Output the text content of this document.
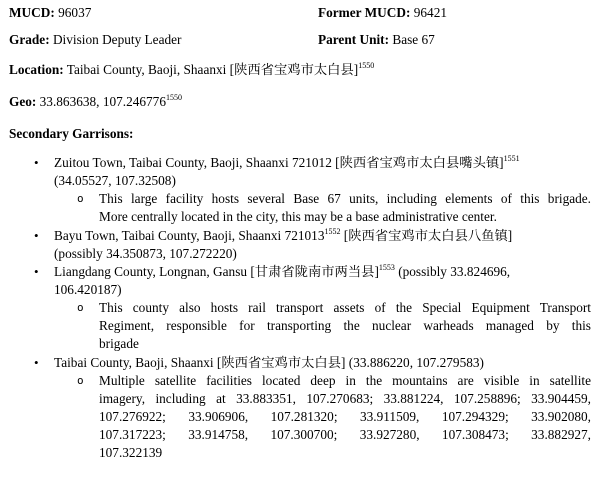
MUCD: 96037	Former MUCD: 96421
Grade: Division Deputy Leader	Parent Unit: Base 67
Location: Taibai County, Baoji, Shaanxi [陕西省宝鸡市太白县]$^{1550}$
Geo: 33.863638, $107.246776^{1550}$
Secondary Garrisons:
• Zuitou Town, Taibai County, Baoji, Shaanxi 721012 [陕西省宝鸡市太白县嘴头镇]$^{1551}$
(34.05527, 107.32508)
o This large facility hosts several Base 67 units, including elements of this brigade.
More centrally located in the city, this may be a base administrative center.
• Bayu Town, Taibai County, Baoji, Shaanxi $721013^{1552}$ [陕西省宝鸡市太白县八鱼镇]
(possibly 34.350873, 107.272220)
• Liangdang County, Longnan, Gansu [甘肃省陇南市两当县]$^{1553}$ (possibly 33.824696,
106.420187)
o This county also hosts rail transport assets of the Special Equipment Transport
Regiment, responsible for transporting the nuclear warheads managed by this
brigade
• Taibai County, Baoji, Shaanxi [陕西省宝鸡市太白县] (33.886220, 107.279583)
o Multiple satellite facilities located deep in the mountains are visible in satellite
imagery, including at 33.883351, 107.270683; 33.881224, 107.258896; 33.904459,
107.276922;   33.906906,   107.281320;   33.911509,   107.294329;   33.902080,
107.317223;   33.914758,   107.300700;   33.927280,   107.308473;   33.882927,
107.322139
